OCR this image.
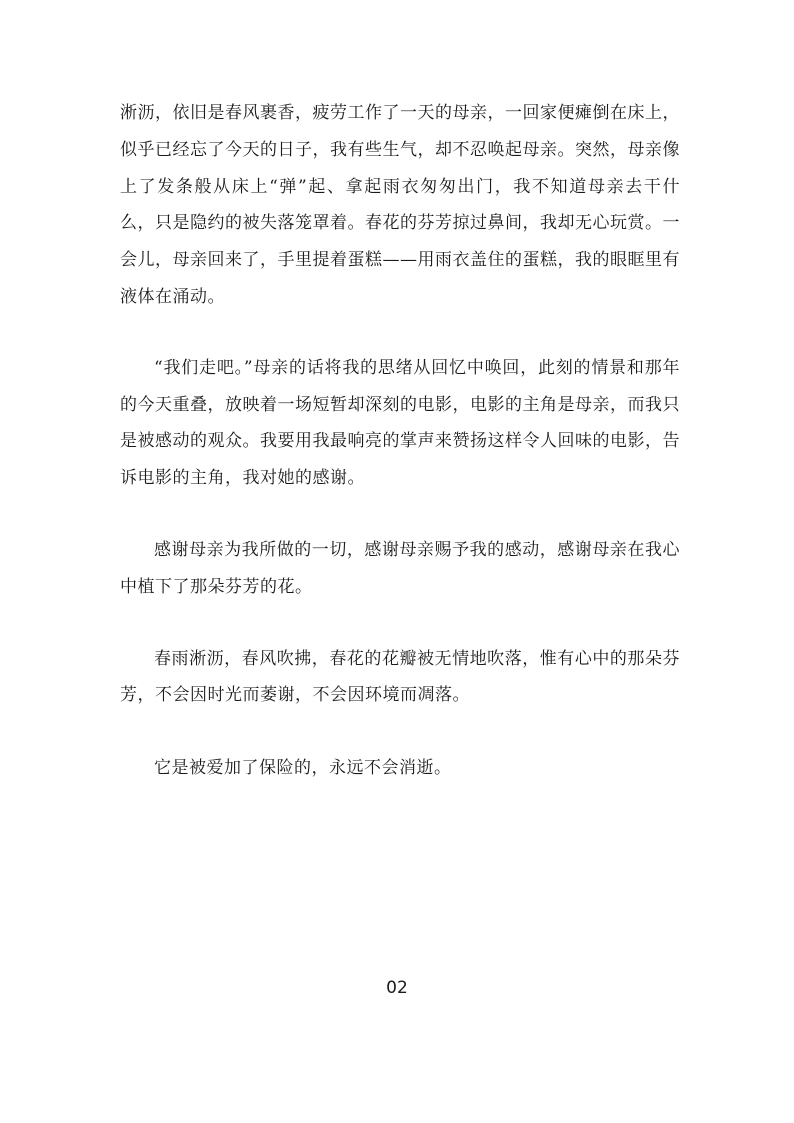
淅沥，依旧是春风裹香，疲劳工作了一天的母亲，一回家便瘫倒在床上，似乎已经忘了今天的日子，我有些生气，却不忍唤起母亲。突然，母亲像上了发条般从床上“弹”起、拿起雨衣匆匆出门，我不知道母亲去干什么，只是隐约的被失落笼罩着。春花的芬芳掠过鼻间，我却无心玩赏。一会儿，母亲回来了，手里提着蛋糕——用雨衣盖住的蛋糕，我的眼眶里有液体在涌动。

“我们走吧。”母亲的话将我的思绪从回忆中唤回，此刻的情景和那年的今天重叠，放映着一场短暂却深刻的电影，电影的主角是母亲，而我只是被感动的观众。我要用我最响亮的掌声来赞扬这样令人回味的电影，告诉电影的主角，我对她的感谢。

感谢母亲为我所做的一切，感谢母亲赐予我的感动，感谢母亲在我心中植下了那朵芬芳的花。

春雨淅沥，春风吹拂，春花的花瓣被无情地吹落，惟有心中的那朵芬芳，不会因时光而萎谢，不会因环境而凋落。

它是被爱加了保险的，永远不会消逝。

02
